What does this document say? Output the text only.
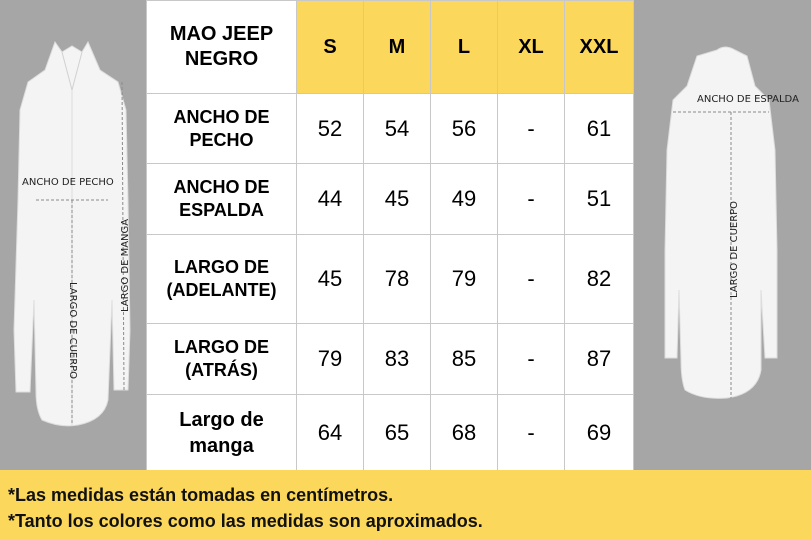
ANCHO DE PECHO
LARGO DE MANGA
LARGO DE CUERPO
ANCHO DE ESPALDA
LARGO DE CUERPO
MAO JEEP NEGRO	S	M	L	XL	XXL
ANCHO DE PECHO	52	54	56	-	61
ANCHO DE ESPALDA	44	45	49	-	51
LARGO DE (ADELANTE)	45	78	79	-	82
LARGO DE (ATRÁS)	79	83	85	-	87
Largo de manga	64	65	68	-	69
*Las medidas están tomadas en centímetros.
*Tanto los colores como las medidas son aproximados.
